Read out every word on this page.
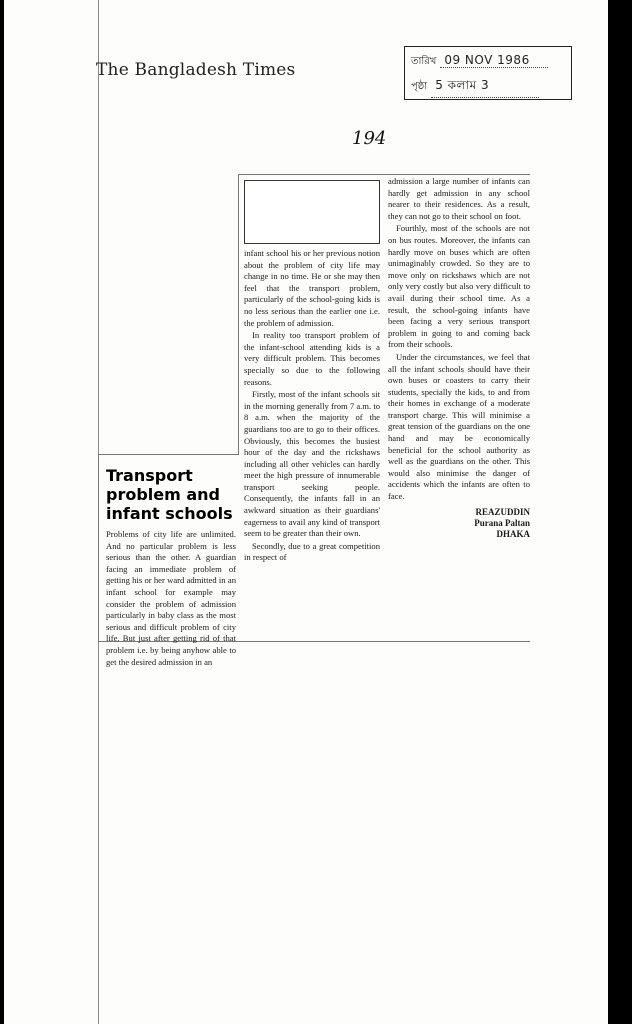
The Bangladesh Times	তারিখ 09 NOV 1986
পৃষ্ঠা 5 কলাম 3
194
Transport
problem and
infant schools

Problems of city life are unlimited. And no particular problem is less serious than the other. A guardian facing an immediate problem of getting his or her ward admitted in an infant school for example may consider the problem of admission particularly in baby class as the most serious and difficult problem of city life. But just after getting rid of that problem i.e. by being anyhow able to get the desired admission in an

infant school his or her previous notion about the problem of city life may change in no time. He or she may then feel that the transport problem, particularly of the school-going kids is no less serious than the earlier one i.e. the problem of admission.

In reality too transport problem of the infant-school attending kids is a very difficult problem. This becomes specially so due to the following reasons.

Firstly, most of the infant schools sit in the morning generally from 7 a.m. to 8 a.m. when the majority of the guardians too are to go to their offices. Obviously, this becomes the busiest hour of the day and the rickshaws including all other vehicles can hardly meet the high pressure of innumerable transport seeking people. Consequently, the infants fall in an awkward situation as their guardians' eagerness to avail any kind of transport seem to be greater than their own.

Secondly, due to a great competition in respect of

admission a large number of infants can hardly get admission in any school nearer to their residences. As a result, they can not go to their school on foot.

Fourthly, most of the schools are not on bus routes. Moreover, the infants can hardly move on buses which are often unimaginably crowded. So they are to move only on rickshaws which are not only very costly but also very difficult to avail during their school time. As a result, the school-going infants have been facing a very serious transport problem in going to and coming back from their schools.

Under the circumstances, we feel that all the infant schools should have their own buses or coasters to carry their students, specially the kids, to and from their homes in exchange of a moderate transport charge. This will minimise a great tension of the guardians on the one hand and may be economically beneficial for the school authority as well as the guardians on the other. This would also minimise the danger of accidents which the infants are often to face.

REAZUDDIN
Purana Paltan
DHAKA
